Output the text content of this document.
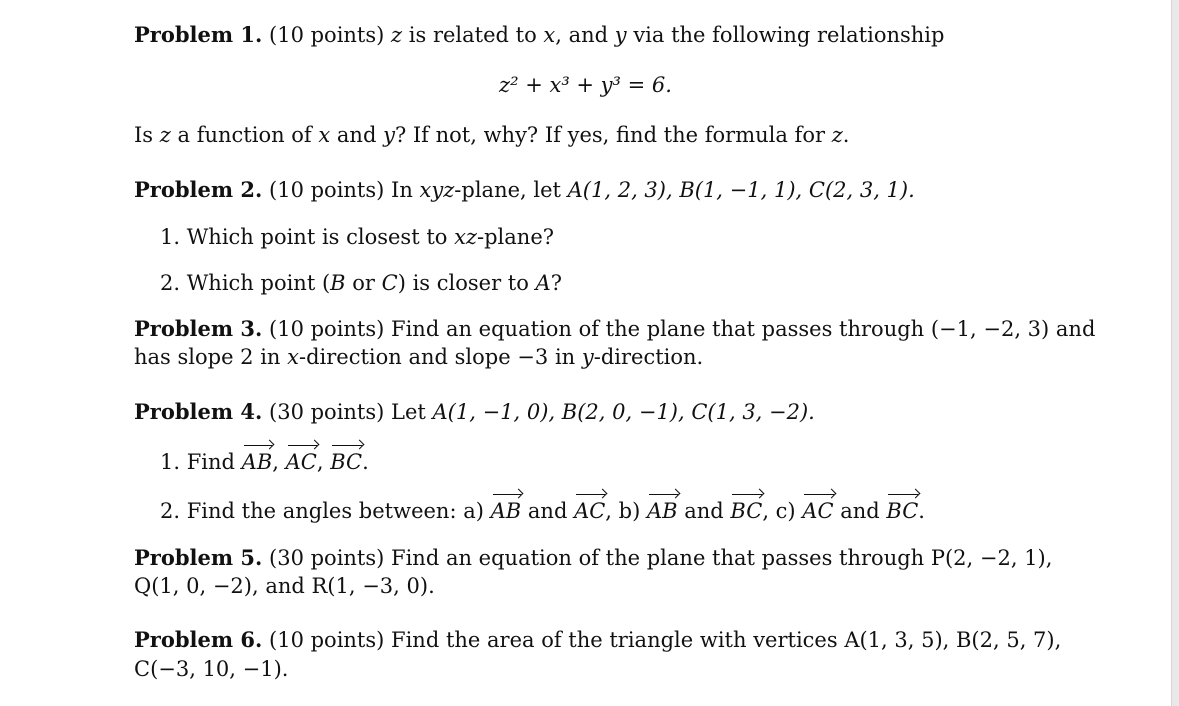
Problem 1. (10 points) z is related to x, and y via the following relationship
z² + x³ + y³ = 6.
Is z a function of x and y? If not, why? If yes, find the formula for z.
Problem 2. (10 points) In xyz-plane, let A(1, 2, 3), B(1, −1, 1), C(2, 3, 1).
1. Which point is closest to xz-plane?
2. Which point (B or C) is closer to A?
Problem 3. (10 points) Find an equation of the plane that passes through (−1, −2, 3) and
has slope 2 in x-direction and slope −3 in y-direction.
Problem 4. (30 points) Let A(1, −1, 0), B(2, 0, −1), C(1, 3, −2).
1. Find AB, AC, BC.
2. Find the angles between: a) AB and AC, b) AB and BC, c) AC and BC.
Problem 5. (30 points) Find an equation of the plane that passes through P(2, −2, 1),
Q(1, 0, −2), and R(1, −3, 0).
Problem 6. (10 points) Find the area of the triangle with vertices A(1, 3, 5), B(2, 5, 7),
C(−3, 10, −1).
